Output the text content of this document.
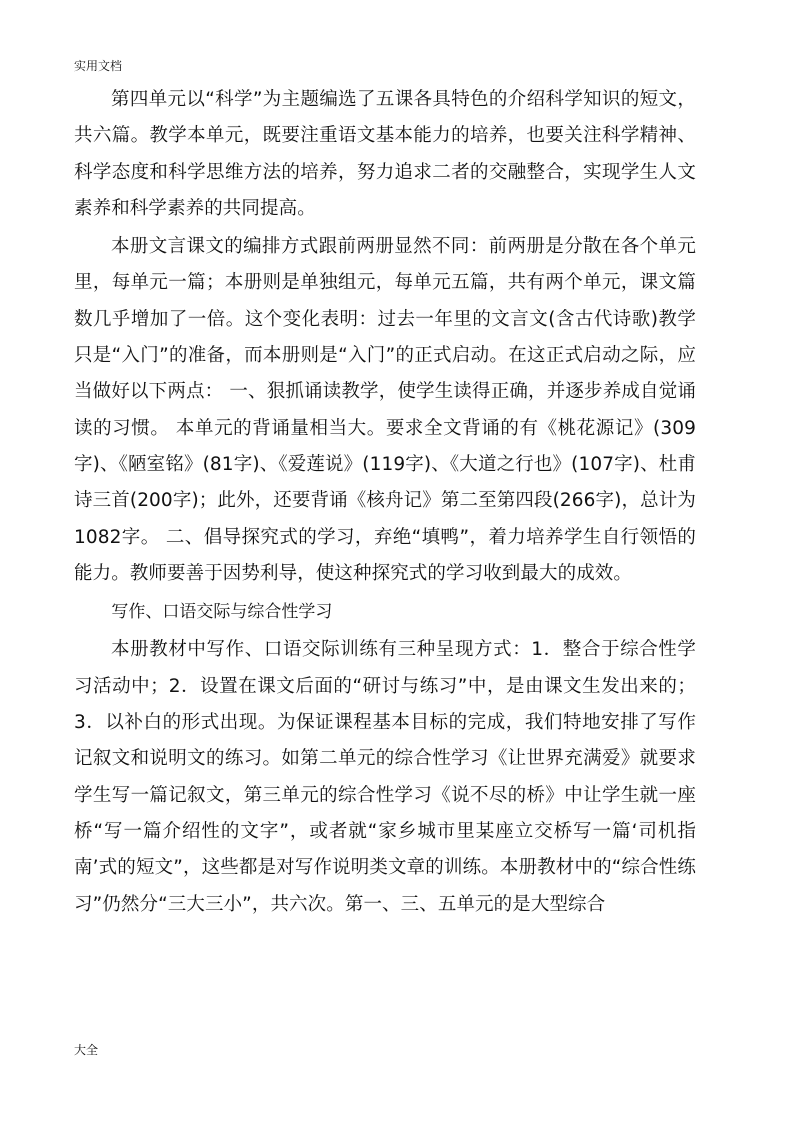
实用文档

第四单元以“科学”为主题编选了五课各具特色的介绍科学知识的短文，共六篇。教学本单元，既要注重语文基本能力的培养，也要关注科学精神、科学态度和科学思维方法的培养，努力追求二者的交融整合，实现学生人文素养和科学素养的共同提高。

本册文言课文的编排方式跟前两册显然不同：前两册是分散在各个单元里，每单元一篇；本册则是单独组元，每单元五篇，共有两个单元，课文篇数几乎增加了一倍。这个变化表明：过去一年里的文言文(含古代诗歌)教学只是“入门”的准备，而本册则是“入门”的正式启动。在这正式启动之际，应当做好以下两点： 一、狠抓诵读教学，使学生读得正确，并逐步养成自觉诵读的习惯。 本单元的背诵量相当大。要求全文背诵的有《桃花源记》(309字)、《陋室铭》(81字)、《爱莲说》(119字)、《大道之行也》(107字)、杜甫诗三首(200字)；此外，还要背诵《核舟记》第二至第四段(266字)，总计为1082字。 二、倡导探究式的学习，弃绝“填鸭”，着力培养学生自行领悟的能力。教师要善于因势利导，使这种探究式的学习收到最大的成效。

写作、口语交际与综合性学习

本册教材中写作、口语交际训练有三种呈现方式：1．整合于综合性学习活动中；2．设置在课文后面的“研讨与练习”中，是由课文生发出来的；3．以补白的形式出现。为保证课程基本目标的完成，我们特地安排了写作记叙文和说明文的练习。如第二单元的综合性学习《让世界充满爱》就要求学生写一篇记叙文，第三单元的综合性学习《说不尽的桥》中让学生就一座桥“写一篇介绍性的文字”，或者就“家乡城市里某座立交桥写一篇‘司机指南’式的短文”，这些都是对写作说明类文章的训练。本册教材中的“综合性练习”仍然分“三大三小”，共六次。第一、三、五单元的是大型综合

大全
